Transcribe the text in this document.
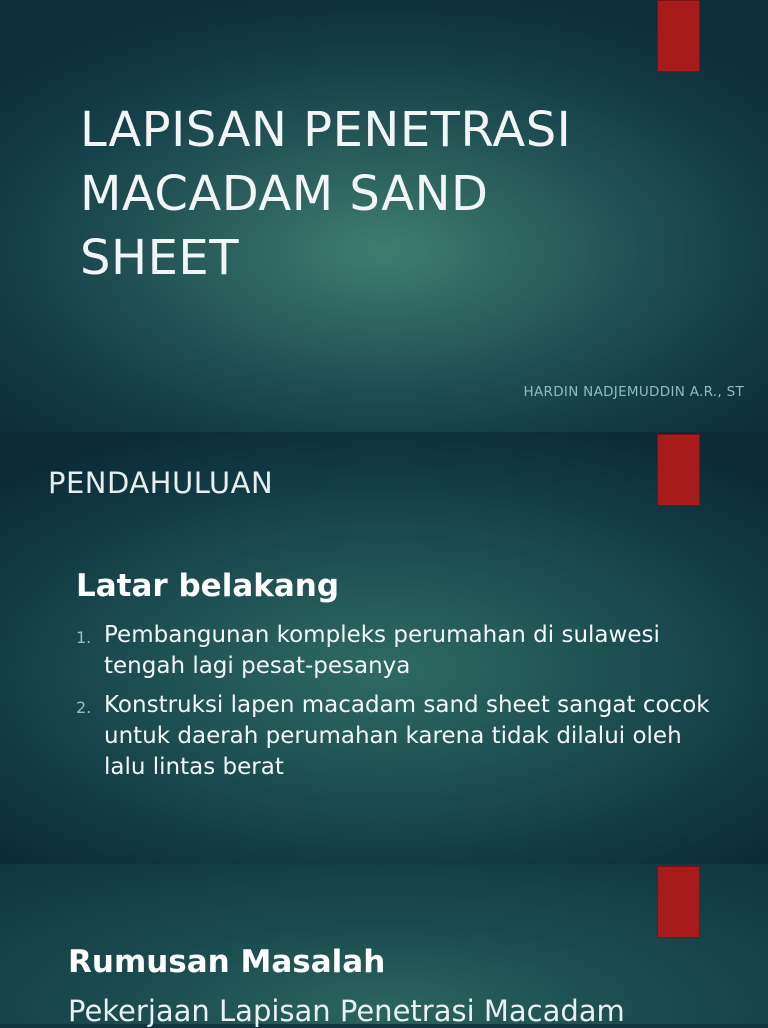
LAPISAN PENETRASI
MACADAM SAND
SHEET
HARDIN NADJEMUDDIN A.R., ST
PENDAHULUAN
Latar belakang
1. Pembangunan kompleks perumahan di sulawesi tengah lagi pesat-pesanya
2. Konstruksi lapen macadam sand sheet sangat cocok untuk daerah perumahan karena tidak dilalui oleh lalu lintas berat
Rumusan Masalah
Pekerjaan Lapisan Penetrasi Macadam
